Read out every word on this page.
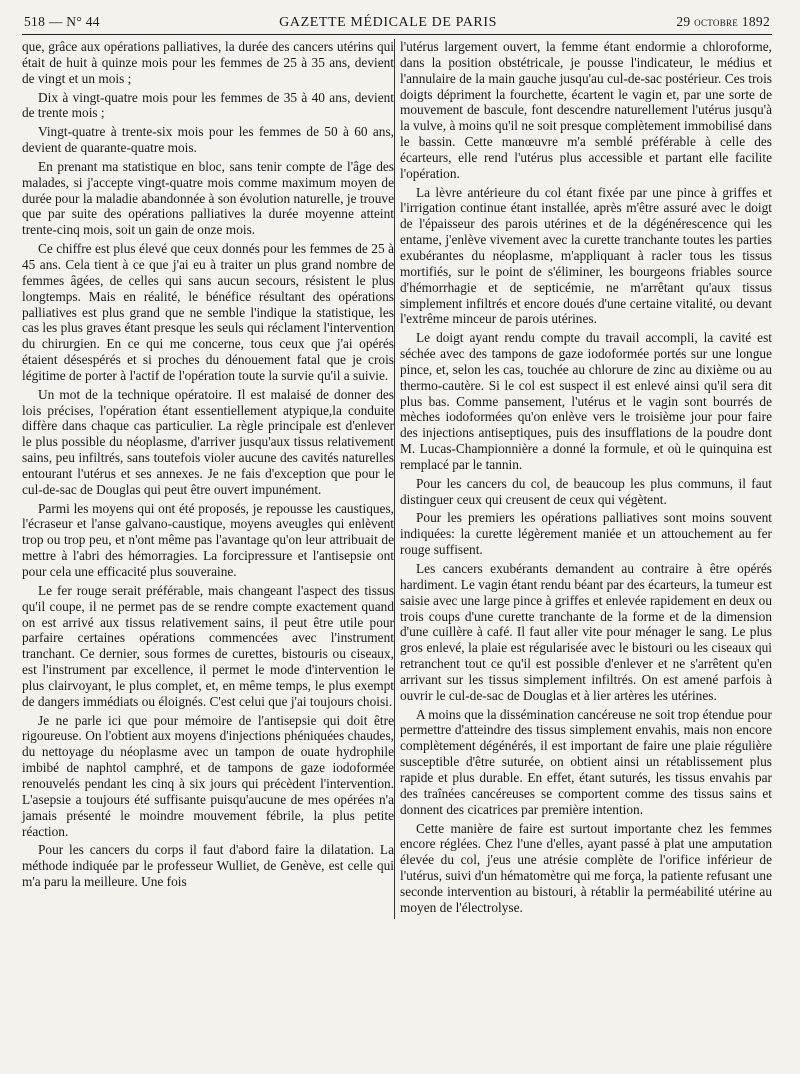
518 — N° 44	GAZETTE MÉDICALE DE PARIS	29 octobre 1892

que, grâce aux opérations palliatives, la durée des cancers utérins qui était de huit à quinze mois pour les femmes de 25 à 35 ans, devient de vingt et un mois ;

Dix à vingt-quatre mois pour les femmes de 35 à 40 ans, devient de trente mois ;

Vingt-quatre à trente-six mois pour les femmes de 50 à 60 ans, devient de quarante-quatre mois.

En prenant ma statistique en bloc, sans tenir compte de l'âge des malades, si j'accepte vingt-quatre mois comme maximum moyen de durée pour la maladie abandonnée à son évolution naturelle, je trouve que par suite des opérations palliatives la durée moyenne atteint trente-cinq mois, soit un gain de onze mois.

Ce chiffre est plus élevé que ceux donnés pour les femmes de 25 à 45 ans. Cela tient à ce que j'ai eu à traiter un plus grand nombre de femmes âgées, de celles qui sans aucun secours, résistent le plus longtemps. Mais en réalité, le bénéfice résultant des opérations palliatives est plus grand que ne semble l'indique la statistique, les cas les plus graves étant presque les seuls qui réclament l'intervention du chirurgien. En ce qui me concerne, tous ceux que j'ai opérés étaient désespérés et si proches du dénouement fatal que je crois légitime de porter à l'actif de l'opération toute la survie qu'il a suivie.

Un mot de la technique opératoire. Il est malaisé de donner des lois précises, l'opération étant essentiellement atypique,la conduite diffère dans chaque cas particulier. La règle principale est d'enlever le plus possible du néoplasme, d'arriver jusqu'aux tissus relativement sains, peu infiltrés, sans toutefois violer aucune des cavités naturelles entourant l'utérus et ses annexes. Je ne fais d'exception que pour le cul-de-sac de Douglas qui peut être ouvert impunément.

Parmi les moyens qui ont été proposés, je repousse les caustiques, l'écraseur et l'anse galvano-caustique, moyens aveugles qui enlèvent trop ou trop peu, et n'ont même pas l'avantage qu'on leur attribuait de mettre à l'abri des hémorragies. La forcipressure et l'antisepsie ont pour cela une efficacité plus souveraine.

Le fer rouge serait préférable, mais changeant l'aspect des tissus qu'il coupe, il ne permet pas de se rendre compte exactement quand on est arrivé aux tissus relativement sains, il peut être utile pour parfaire certaines opérations commencées avec l'instrument tranchant. Ce dernier, sous formes de curettes, bistouris ou ciseaux, est l'instrument par excellence, il permet le mode d'intervention le plus clairvoyant, le plus complet, et, en même temps, le plus exempt de dangers immédiats ou éloignés. C'est celui que j'ai toujours choisi.

Je ne parle ici que pour mémoire de l'antisepsie qui doit être rigoureuse. On l'obtient aux moyens d'injections phéniquées chaudes, du nettoyage du néoplasme avec un tampon de ouate hydrophile imbibé de naphtol camphré, et de tampons de gaze iodoformée renouvelés pendant les cinq à six jours qui précèdent l'intervention. L'asepsie a toujours été suffisante puisqu'aucune de mes opérées n'a jamais présenté le moindre mouvement fébrile, la plus petite réaction.

Pour les cancers du corps il faut d'abord faire la dilatation. La méthode indiquée par le professeur Wulliet, de Genève, est celle qui m'a paru la meilleure. Une fois

l'utérus largement ouvert, la femme étant endormie a chloroforme, dans la position obstétricale, je pousse l'indicateur, le médius et l'annulaire de la main gauche jusqu'au cul-de-sac postérieur. Ces trois doigts dépriment la fourchette, écartent le vagin et, par une sorte de mouvement de bascule, font descendre naturellement l'utérus jusqu'à la vulve, à moins qu'il ne soit presque complètement immobilisé dans le bassin. Cette manœuvre m'a semblé préférable à celle des écarteurs, elle rend l'utérus plus accessible et partant elle facilite l'opération.

La lèvre antérieure du col étant fixée par une pince à griffes et l'irrigation continue étant installée, après m'être assuré avec le doigt de l'épaisseur des parois utérines et de la dégénérescence qui les entame, j'enlève vivement avec la curette tranchante toutes les parties exubérantes du néoplasme, m'appliquant à racler tous les tissus mortifiés, sur le point de s'éliminer, les bourgeons friables source d'hémorrhagie et de septicémie, ne m'arrêtant qu'aux tissus simplement infiltrés et encore doués d'une certaine vitalité, ou devant l'extrême minceur de parois utérines.

Le doigt ayant rendu compte du travail accompli, la cavité est séchée avec des tampons de gaze iodoformée portés sur une longue pince, et, selon les cas, touchée au chlorure de zinc au dixième ou au thermo-cautère. Si le col est suspect il est enlevé ainsi qu'il sera dit plus bas. Comme pansement, l'utérus et le vagin sont bourrés de mèches iodoformées qu'on enlève vers le troisième jour pour faire des injections antiseptiques, puis des insufflations de la poudre dont M. Lucas-Championnière a donné la formule, et où le quinquina est remplacé par le tannin.

Pour les cancers du col, de beaucoup les plus communs, il faut distinguer ceux qui creusent de ceux qui végètent.

Pour les premiers les opérations palliatives sont moins souvent indiquées: la curette légèrement maniée et un attouchement au fer rouge suffisent.

Les cancers exubérants demandent au contraire à être opérés hardiment. Le vagin étant rendu béant par des écarteurs, la tumeur est saisie avec une large pince à griffes et enlevée rapidement en deux ou trois coups d'une curette tranchante de la forme et de la dimension d'une cuillère à café. Il faut aller vite pour ménager le sang. Le plus gros enlevé, la plaie est régularisée avec le bistouri ou les ciseaux qui retranchent tout ce qu'il est possible d'enlever et ne s'arrêtent qu'en arrivant sur les tissus simplement infiltrés. On est amené parfois à ouvrir le cul-de-sac de Douglas et à lier artères les utérines.

A moins que la dissémination cancéreuse ne soit trop étendue pour permettre d'atteindre des tissus simplement envahis, mais non encore complètement dégénérés, il est important de faire une plaie régulière susceptible d'être suturée, on obtient ainsi un rétablissement plus rapide et plus durable. En effet, étant suturés, les tissus envahis par des traînées cancéreuses se comportent comme des tissus sains et donnent des cicatrices par première intention.

Cette manière de faire est surtout importante chez les femmes encore réglées. Chez l'une d'elles, ayant passé à plat une amputation élevée du col, j'eus une atrésie complète de l'orifice inférieur de l'utérus, suivi d'un hématomètre qui me força, la patiente refusant une seconde intervention au bistouri, à rétablir la perméabilité utérine au moyen de l'électrolyse.
